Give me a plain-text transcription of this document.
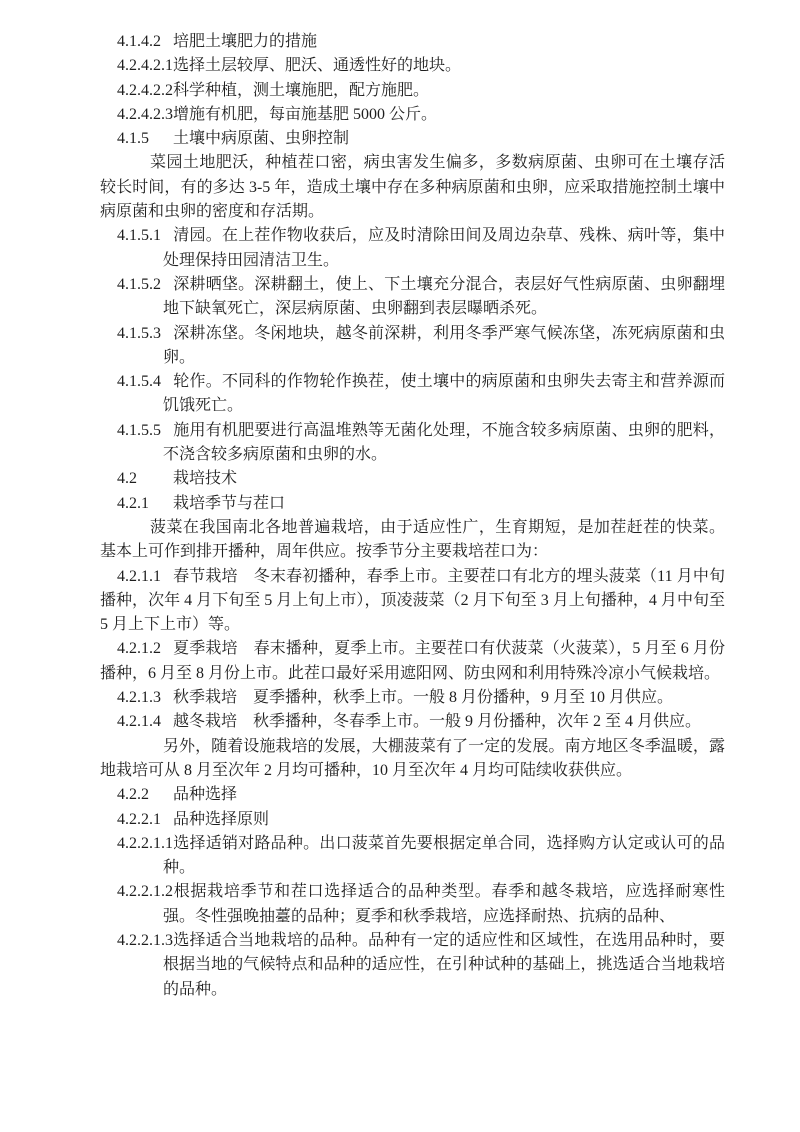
4.1.4.2 培肥土壤肥力的措施

4.2.4.2.1选择土层较厚、肥沃、通透性好的地块。

4.2.4.2.2科学种植，测土壤施肥，配方施肥。

4.2.4.2.3增施有机肥，每亩施基肥 5000 公斤。

4.1.5 土壤中病原菌、虫卵控制

菜园土地肥沃，种植茬口密，病虫害发生偏多，多数病原菌、虫卵可在土壤存活较长时间，有的多达 3-5 年，造成土壤中存在多种病原菌和虫卵，应采取措施控制土壤中病原菌和虫卵的密度和存活期。

4.1.5.1 清园。在上茬作物收获后，应及时清除田间及周边杂草、残株、病叶等，集中处理保持田园清洁卫生。

4.1.5.2 深耕晒垡。深耕翻土，使上、下土壤充分混合，表层好气性病原菌、虫卵翻埋地下缺氧死亡，深层病原菌、虫卵翻到表层曝晒杀死。

4.1.5.3 深耕冻垡。冬闲地块，越冬前深耕，利用冬季严寒气候冻垡，冻死病原菌和虫卵。

4.1.5.4 轮作。不同科的作物轮作换茬，使土壤中的病原菌和虫卵失去寄主和营养源而饥饿死亡。

4.1.5.5 施用有机肥要进行高温堆熟等无菌化处理，不施含较多病原菌、虫卵的肥料，不浇含较多病原菌和虫卵的水。

4.2 栽培技术

4.2.1 栽培季节与茬口

菠菜在我国南北各地普遍栽培，由于适应性广，生育期短，是加茬赶茬的快菜。基本上可作到排开播种，周年供应。按季节分主要栽培茬口为：

4.2.1.1 春节栽培　冬末春初播种，春季上市。主要茬口有北方的埋头菠菜（11 月中旬播种，次年 4 月下旬至 5 月上旬上市），顶凌菠菜（2 月下旬至 3 月上旬播种，4 月中旬至 5 月上下上市）等。

4.2.1.2 夏季栽培　春末播种，夏季上市。主要茬口有伏菠菜（火菠菜），5 月至 6 月份播种，6 月至 8 月份上市。此茬口最好采用遮阳网、防虫网和利用特殊冷凉小气候栽培。

4.2.1.3 秋季栽培　夏季播种，秋季上市。一般 8 月份播种，9 月至 10 月供应。

4.2.1.4 越冬栽培　秋季播种，冬春季上市。一般 9 月份播种，次年 2 至 4 月供应。

另外，随着设施栽培的发展，大棚菠菜有了一定的发展。南方地区冬季温暖，露地栽培可从 8 月至次年 2 月均可播种，10 月至次年 4 月均可陆续收获供应。

4.2.2 品种选择

4.2.2.1 品种选择原则

4.2.2.1.1选择适销对路品种。出口菠菜首先要根据定单合同，选择购方认定或认可的品种。

4.2.2.1.2根据栽培季节和茬口选择适合的品种类型。春季和越冬栽培，应选择耐寒性强。冬性强晚抽薹的品种；夏季和秋季栽培，应选择耐热、抗病的品种、

4.2.2.1.3选择适合当地栽培的品种。品种有一定的适应性和区域性，在选用品种时，要根据当地的气候特点和品种的适应性，在引种试种的基础上，挑选适合当地栽培的品种。
